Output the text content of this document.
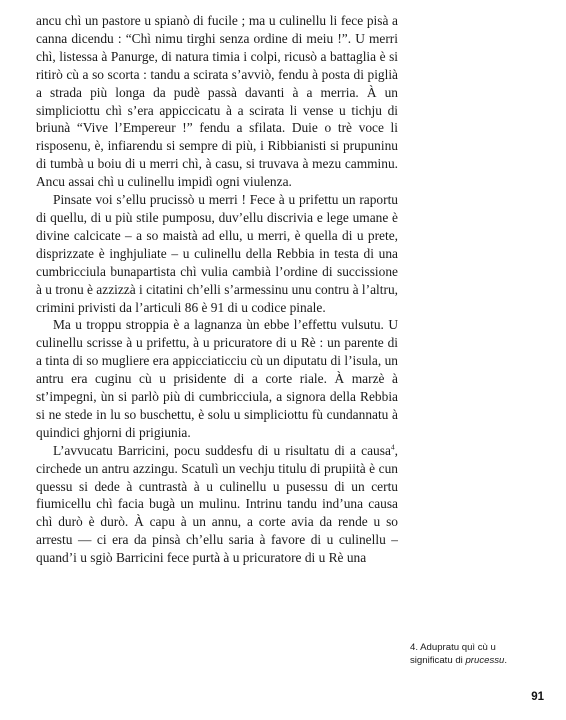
ancu chì un pastore u spianò di fucile ; ma u culinellu li fece pisà a canna dicendu : “Chì nimu tirghi senza ordine di meiu !”. U merri chì, listessa à Panurge, di natura timia i colpi, ricusò a battaglia è si ritirò cù a so scorta : tandu a scirata s’avviò, fendu à posta di piglià a strada più longa da pudè passà davanti à a merria. À un simpliciottu chì s’era appiccicatu à a scirata li vense u tichju di briunà “Vive l’Empereur !” fendu a sfilata. Duie o trè voce li risposenu, è, infiarendu si sempre di più, i Ribbianisti si prupuninu di tumbà u boiu di u merri chì, à casu, si truvava à mezu camminu. Ancu assai chì u culinellu impidì ogni viulenza.

Pinsate voi s’ellu prucissò u merri ! Fece à u prifettu un raportu di quellu, di u più stile pumposu, duv’ellu discrivia e lege umane è divine calcicate – a so maistà ad ellu, u merri, è quella di u prete, disprizzate è inghjuliate – u culinellu della Rebbia in testa di una cumbricciula bunapartista chì vulia cambià l’ordine di succissione à u tronu è azzizzà i citatini ch’elli s’armessinu unu contru à l’altru, crimini privisti da l’articuli 86 è 91 di u codice pinale.

Ma u troppu stroppia è a lagnanza ùn ebbe l’effettu vulsutu. U culinellu scrisse à u prifettu, à u pricuratore di u Rè : un parente di a tinta di so mugliere era appicciaticciu cù un diputatu di l’isula, un antru era cuginu cù u prisidente di a corte riale. À marzè à st’impegni, ùn si parlò più di cumbricciula, a signora della Rebbia si ne stede in lu so buschettu, è solu u simpliciottu fù cundannatu à quindici ghjorni di prigiunia.

L’avvucatu Barricini, pocu suddesfu di u risultatu di a causa$^4$, circhede un antru azzingu. Scatulì un vechju titulu di prupiità è cun quessu si dede à cuntrastà à u culinellu u pusessu di un certu fiumicellu chì facia bugà un mulinu. Intrinu tandu ind’una causa chì durò è durò. À capu à un annu, a corte avia da rende u so arrestu — ci era da pinsà ch’ellu saria à favore di u culinellu – quand’i u sgiò Barricini fece purtà à u pricuratore di u Rè una

4. Adupratu quì cù u significatu di prucessu.
91
